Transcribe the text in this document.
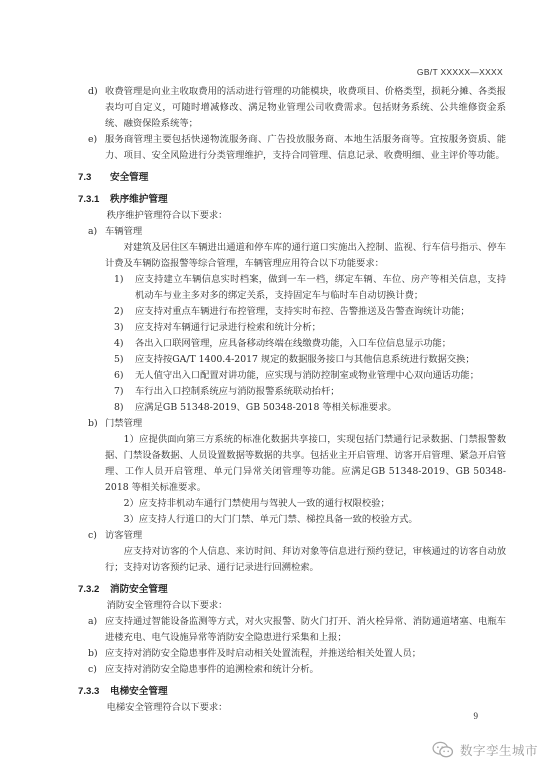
GB/T XXXXX—XXXX

d) 收费管理是向业主收取费用的活动进行管理的功能模块，收费项目、价格类型，损耗分摊、各类报表均可自定义，可随时增减修改、满足物业管理公司收费需求。包括财务系统、公共维修资金系统、融资保险系统等；

e) 服务商管理主要包括快递物流服务商、广告投放服务商、本地生活服务商等。宜按服务资质、能力、项目、安全风险进行分类管理维护，支持合同管理、信息记录、收费明细、业主评价等功能。

7.3 安全管理
7.3.1 秩序维护管理

秩序维护管理符合以下要求：

a) 车辆管理

对建筑及居住区车辆进出通道和停车库的通行道口实施出入控制、监视、行车信号指示、停车计费及车辆防盗报警等综合管理，车辆管理应用符合以下功能要求：

1) 应支持建立车辆信息实时档案，做到一车一档，绑定车辆、车位、房产等相关信息，支持机动车与业主多对多的绑定关系，支持固定车与临时车自动切换计费；

2) 应支持对重点车辆进行布控管理，支持实时布控、告警推送及告警查询统计功能；

3) 应支持对车辆通行记录进行检索和统计分析；

4) 各出入口联网管理，应具备移动终端在线缴费功能，入口车位信息显示功能；

5) 应支持按GA/T 1400.4-2017 规定的数据服务接口与其他信息系统进行数据交换；

6) 无人值守出入口配置对讲功能，应实现与消防控制室或物业管理中心双向通话功能；

7) 车行出入口控制系统应与消防报警系统联动抬杆；

8) 应满足GB 51348-2019、GB 50348-2018 等相关标准要求。

b) 门禁管理

1）应提供面向第三方系统的标准化数据共享接口，实现包括门禁通行记录数据、门禁报警数据、门禁设备数据、人员设置数据等数据的共享。包括业主开启管理、访客开启管理、紧急开启管理、工作人员开启管理、单元门异常关闭管理等功能。应满足GB 51348-2019、GB 50348-2018 等相关标准要求。

2）应支持非机动车通行门禁使用与驾驶人一致的通行权限校验；

3）应支持人行道口的大门门禁、单元门禁、梯控具备一致的校验方式。

c) 访客管理

应支持对访客的个人信息、来访时间、拜访对象等信息进行预约登记，审核通过的访客自动放行；支持对访客预约记录、通行记录进行回溯检索。

7.3.2 消防安全管理

消防安全管理符合以下要求：

a) 应支持通过智能设备监测等方式，对火灾报警、防火门打开、消火栓异常、消防通道堵塞、电瓶车进楼充电、电气设施异常等消防安全隐患进行采集和上报；

b) 应支持对消防安全隐患事件及时启动相关处置流程，并推送给相关处置人员；

c) 应支持对消防安全隐患事件的追溯检索和统计分析。

7.3.3 电梯安全管理

电梯安全管理符合以下要求：

9
数字孪生城市
